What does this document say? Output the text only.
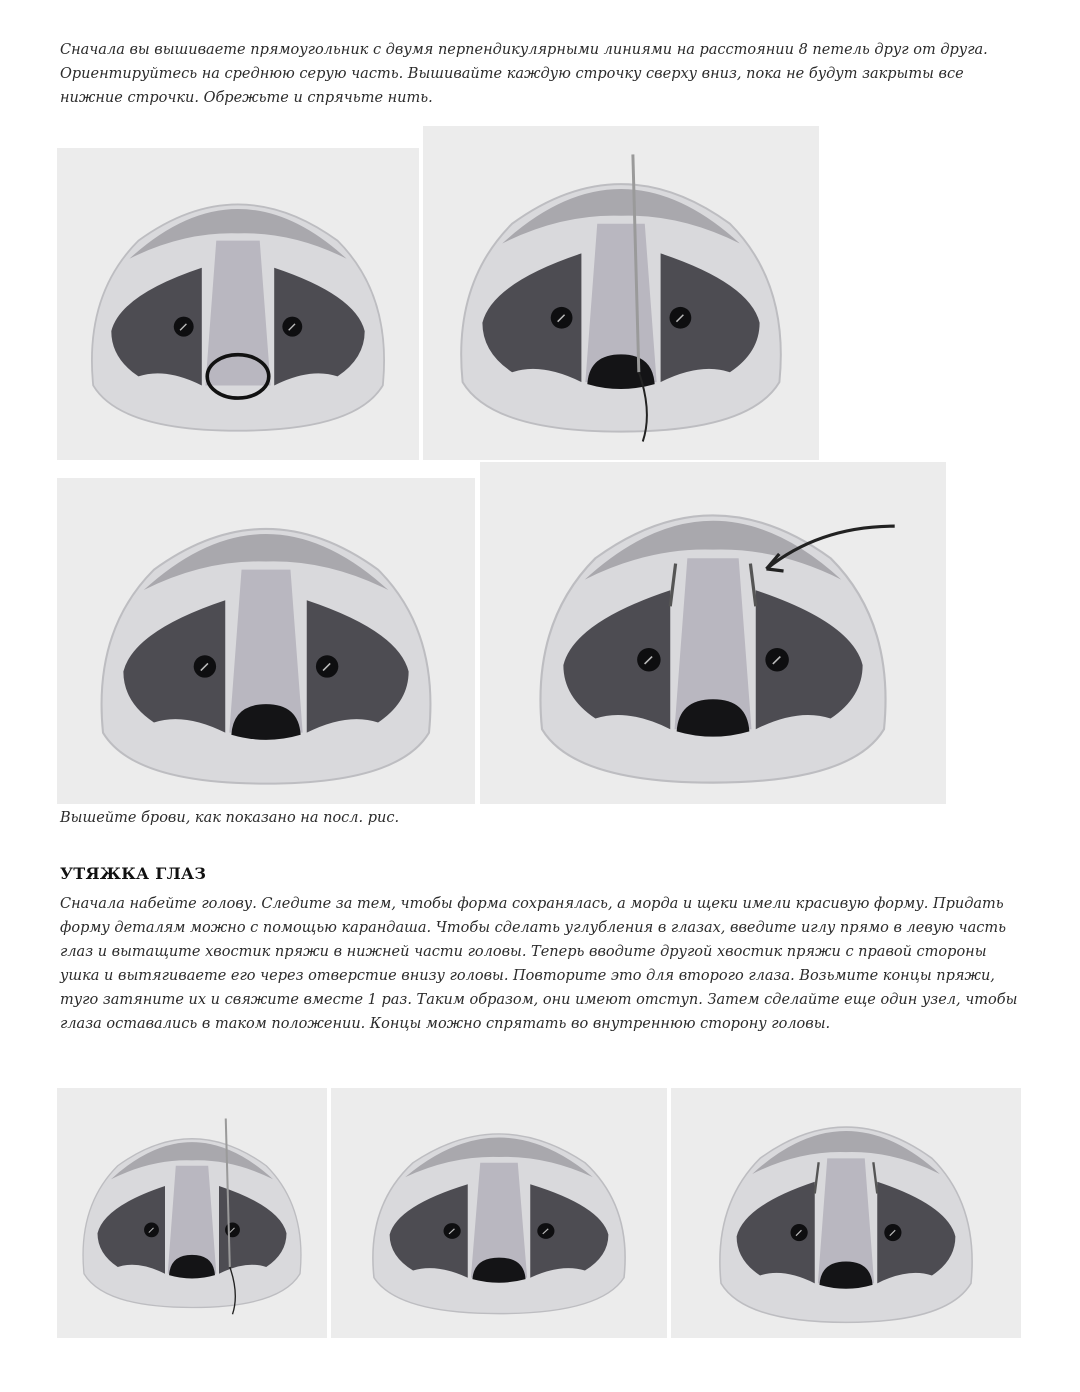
Сначала вы вышиваете прямоугольник с двумя перпендикулярными линиями на расстоянии 8 петель друг от друга. Ориентируйтесь на среднюю серую часть. Вышивайте каждую строчку сверху вниз, пока не будут закрыты все нижние строчки. Обрежьте и спрячьте нить.

Вышейте брови, как показано на посл. рис.

УТЯЖКА ГЛАЗ

Сначала набейте голову. Следите за тем, чтобы форма сохранялась, а морда и щеки имели красивую форму. Придать форму деталям можно с помощью карандаша. Чтобы сделать углубления в глазах, введите иглу прямо в левую часть глаз и вытащите хвостик пряжи в нижней части головы. Теперь вводите другой хвостик пряжи с правой стороны ушка и вытягиваете его через отверстие внизу головы. Повторите это для второго глаза. Возьмите концы пряжи, туго затяните их и свяжите вместе 1 раз. Таким образом, они имеют отступ. Затем сделайте еще один узел, чтобы глаза оставались в таком положении. Концы можно спрятать во внутреннюю сторону головы.
